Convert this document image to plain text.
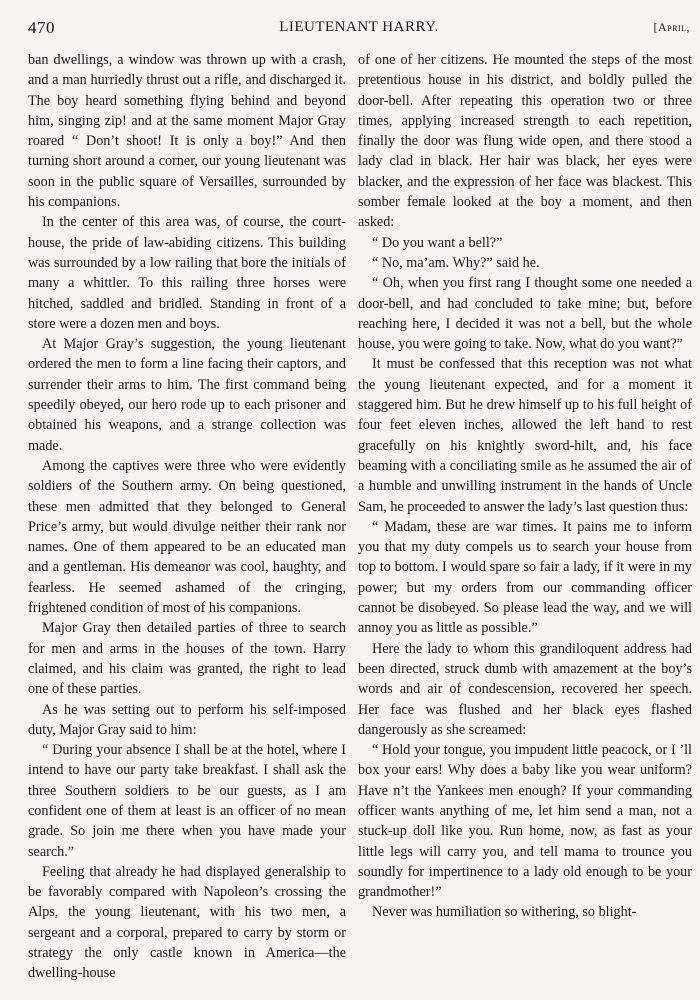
470	LIEUTENANT HARRY.	[April,

ban dwellings, a window was thrown up with a crash, and a man hurriedly thrust out a rifle, and discharged it. The boy heard something flying behind and beyond him, singing zip! and at the same moment Major Gray roared “ Don’t shoot! It is only a boy!” And then turning short around a corner, our young lieutenant was soon in the public square of Versailles, surrounded by his companions.

In the center of this area was, of course, the court-house, the pride of law-abiding citizens. This building was surrounded by a low railing that bore the initials of many a whittler. To this railing three horses were hitched, saddled and bridled. Standing in front of a store were a dozen men and boys.

At Major Gray’s suggestion, the young lieutenant ordered the men to form a line facing their captors, and surrender their arms to him. The first command being speedily obeyed, our hero rode up to each prisoner and obtained his weapons, and a strange collection was made.

Among the captives were three who were evidently soldiers of the Southern army. On being questioned, these men admitted that they belonged to General Price’s army, but would divulge neither their rank nor names. One of them appeared to be an educated man and a gentleman. His demeanor was cool, haughty, and fearless. He seemed ashamed of the cringing, frightened condition of most of his companions.

Major Gray then detailed parties of three to search for men and arms in the houses of the town. Harry claimed, and his claim was granted, the right to lead one of these parties.

As he was setting out to perform his self-imposed duty, Major Gray said to him:

“ During your absence I shall be at the hotel, where I intend to have our party take breakfast. I shall ask the three Southern soldiers to be our guests, as I am confident one of them at least is an officer of no mean grade. So join me there when you have made your search.”

Feeling that already he had displayed generalship to be favorably compared with Napoleon’s crossing the Alps, the young lieutenant, with his two men, a sergeant and a corporal, prepared to carry by storm or strategy the only castle known in America—the dwelling-house

of one of her citizens. He mounted the steps of the most pretentious house in his district, and boldly pulled the door-bell. After repeating this operation two or three times, applying increased strength to each repetition, finally the door was flung wide open, and there stood a lady clad in black. Her hair was black, her eyes were blacker, and the expression of her face was blackest. This somber female looked at the boy a moment, and then asked:

“ Do you want a bell?”

“ No, ma’am. Why?” said he.

“ Oh, when you first rang I thought some one needed a door-bell, and had concluded to take mine; but, before reaching here, I decided it was not a bell, but the whole house, you were going to take. Now, what do you want?”

It must be confessed that this reception was not what the young lieutenant expected, and for a moment it staggered him. But he drew himself up to his full height of four feet eleven inches, allowed the left hand to rest gracefully on his knightly sword-hilt, and, his face beaming with a conciliating smile as he assumed the air of a humble and unwilling instrument in the hands of Uncle Sam, he proceeded to answer the lady’s last question thus:

“ Madam, these are war times. It pains me to inform you that my duty compels us to search your house from top to bottom. I would spare so fair a lady, if it were in my power; but my orders from our commanding officer cannot be disobeyed. So please lead the way, and we will annoy you as little as possible.”

Here the lady to whom this grandiloquent address had been directed, struck dumb with amazement at the boy’s words and air of condescension, recovered her speech. Her face was flushed and her black eyes flashed dangerously as she screamed:

“ Hold your tongue, you impudent little peacock, or I ’ll box your ears! Why does a baby like you wear uniform? Have n’t the Yankees men enough? If your commanding officer wants anything of me, let him send a man, not a stuck-up doll like you. Run home, now, as fast as your little legs will carry you, and tell mama to trounce you soundly for impertinence to a lady old enough to be your grandmother!”

Never was humiliation so withering, so blight-
